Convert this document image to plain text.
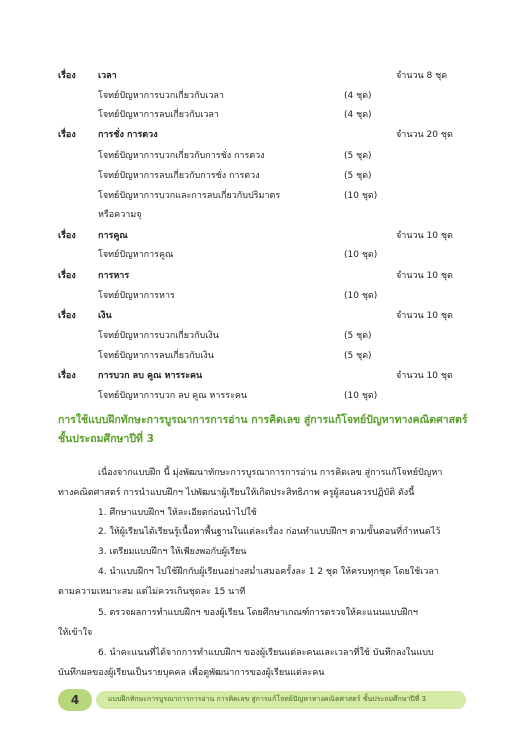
เรื่อง เวลา	จำนวน 8 ชุด
โจทย์ปัญหาการบวกเกี่ยวกับเวลา	(4 ชุด)
โจทย์ปัญหาการลบเกี่ยวกับเวลา	(4 ชุด)
เรื่อง การชั่ง การตวง	จำนวน 20 ชุด
โจทย์ปัญหาการบวกเกี่ยวกับการชั่ง การตวง	(5 ชุด)
โจทย์ปัญหาการลบเกี่ยวกับการชั่ง การตวง	(5 ชุด)
โจทย์ปัญหาการบวกและการลบเกี่ยวกับปริมาตร	(10 ชุด)
หรือความจุ
เรื่อง การคูณ	จำนวน 10 ชุด
โจทย์ปัญหาการคูณ	(10 ชุด)
เรื่อง การหาร	จำนวน 10 ชุด
โจทย์ปัญหาการหาร	(10 ชุด)
เรื่อง เงิน	จำนวน 10 ชุด
โจทย์ปัญหาการบวกเกี่ยวกับเงิน	(5 ชุด)
โจทย์ปัญหาการลบเกี่ยวกับเงิน	(5 ชุด)
เรื่อง การบวก ลบ คูณ หารระคน	จำนวน 10 ชุด
โจทย์ปัญหาการบวก ลบ คูณ หารระคน	(10 ชุด)
การใช้แบบฝึกทักษะการบูรณาการการอ่าน การคิดเลข สู่การแก้โจทย์ปัญหาทางคณิตศาสตร์
ชั้นประถมศึกษาปีที่ 3
เนื่องจากแบบฝึก นี้ มุ่งพัฒนาทักษะการบูรณาการการอ่าน การคิดเลข สู่การแก้โจทย์ปัญหา
ทางคณิตศาสตร์ การนำแบบฝึกฯ ไปพัฒนาผู้เรียนให้เกิดประสิทธิภาพ ครูผู้สอนควรปฏิบัติ ดังนี้
1. ศึกษาแบบฝึกฯ ให้ละเอียดก่อนนำไปใช้
2. ให้ผู้เรียนได้เรียนรู้เนื้อหาพื้นฐานในแต่ละเรื่อง ก่อนทำแบบฝึกฯ ตามขั้นตอนที่กำหนดไว้
3. เตรียมแบบฝึกฯ ให้เพียงพอกับผู้เรียน
4. นำแบบฝึกฯ ไปใช้ฝึกกับผู้เรียนอย่างสม่ำเสมอครั้งละ 1 2 ชุด ให้ครบทุกชุด โดยใช้เวลา
ตามความเหมาะสม แต่ไม่ควรเกินชุดละ 15 นาที
5. ตรวจผลการทำแบบฝึกฯ ของผู้เรียน โดยศึกษาเกณฑ์การตรวจให้คะแนนแบบฝึกฯ
ให้เข้าใจ
6. นำคะแนนที่ได้จากการทำแบบฝึกฯ ของผู้เรียนแต่ละคนและเวลาที่ใช้ บันทึกลงในแบบ
บันทึกผลของผู้เรียนเป็นรายบุคคล เพื่อดูพัฒนาการของผู้เรียนแต่ละคน
4	แบบฝึกทักษะการบูรณาการการอ่าน การคิดเลข สู่การแก้โจทย์ปัญหาทางคณิตศาสตร์ ชั้นประถมศึกษาปีที่ 3
